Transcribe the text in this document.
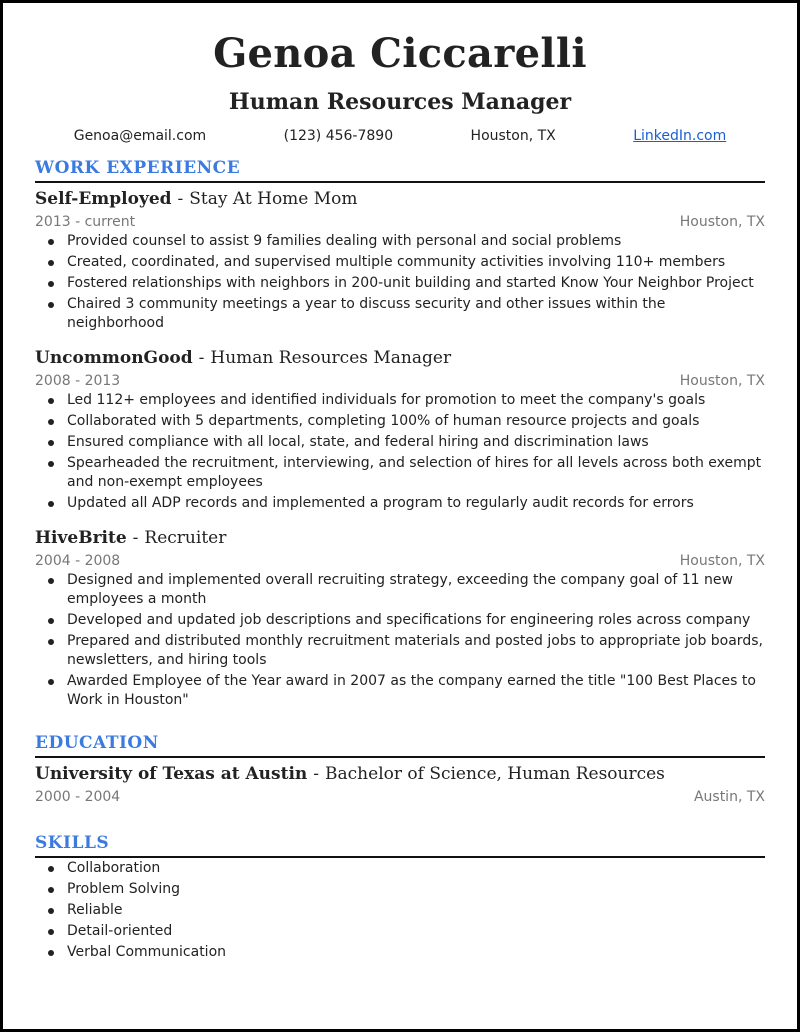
Genoa Ciccarelli
Human Resources Manager
Genoa@email.com	(123) 456-7890	Houston, TX	LinkedIn.com
WORK EXPERIENCE
Self-Employed - Stay At Home Mom
2013 - current	Houston, TX
Provided counsel to assist 9 families dealing with personal and social problems
Created, coordinated, and supervised multiple community activities involving 110+ members
Fostered relationships with neighbors in 200-unit building and started Know Your Neighbor Project
Chaired 3 community meetings a year to discuss security and other issues within the neighborhood
UncommonGood - Human Resources Manager
2008 - 2013	Houston, TX
Led 112+ employees and identified individuals for promotion to meet the company's goals
Collaborated with 5 departments, completing 100% of human resource projects and goals
Ensured compliance with all local, state, and federal hiring and discrimination laws
Spearheaded the recruitment, interviewing, and selection of hires for all levels across both exempt and non-exempt employees
Updated all ADP records and implemented a program to regularly audit records for errors
HiveBrite - Recruiter
2004 - 2008	Houston, TX
Designed and implemented overall recruiting strategy, exceeding the company goal of 11 new employees a month
Developed and updated job descriptions and specifications for engineering roles across company
Prepared and distributed monthly recruitment materials and posted jobs to appropriate job boards, newsletters, and hiring tools
Awarded Employee of the Year award in 2007 as the company earned the title "100 Best Places to Work in Houston"
EDUCATION
University of Texas at Austin - Bachelor of Science, Human Resources
2000 - 2004	Austin, TX
SKILLS
Collaboration
Problem Solving
Reliable
Detail-oriented
Verbal Communication
